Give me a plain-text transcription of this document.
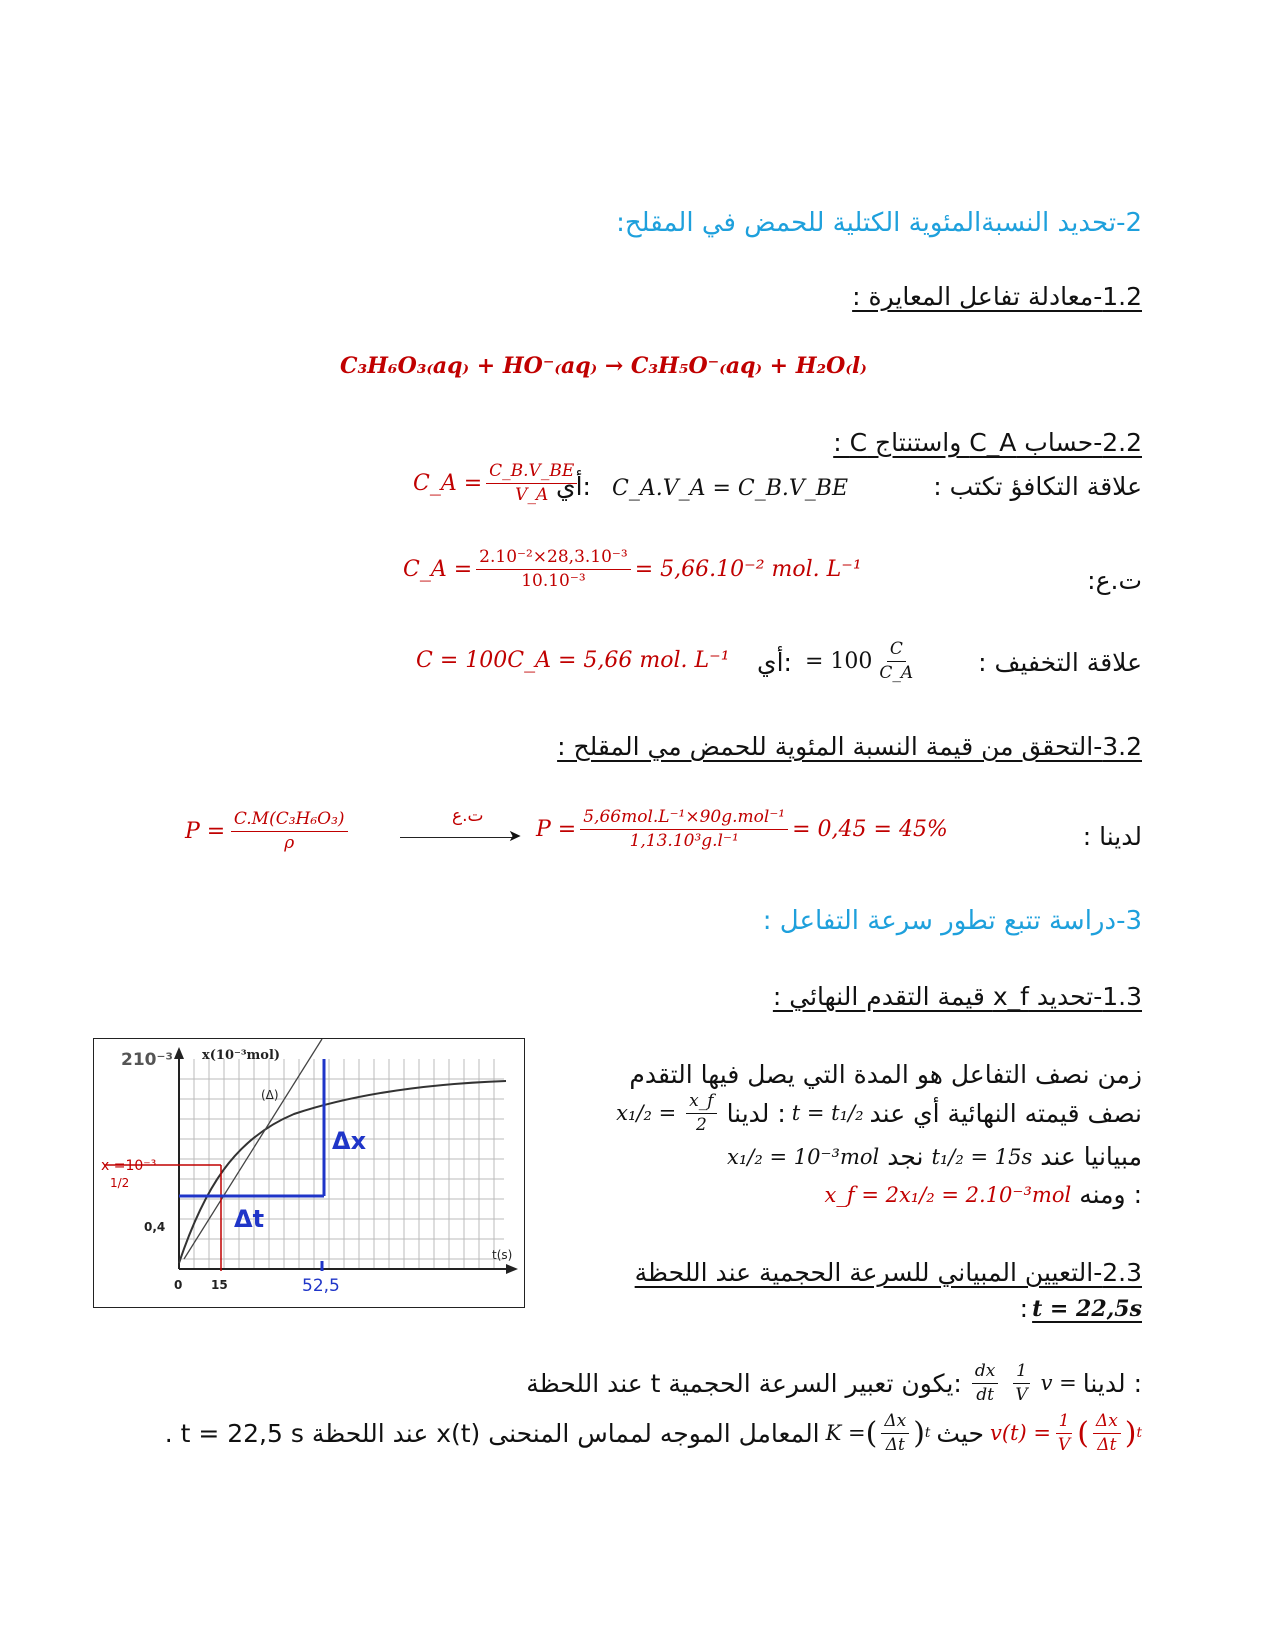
2-تحديد النسبةالمئوية الكتلية للحمض في المقلح:
1.2-معادلة تفاعل المعايرة :
C₃H₆O₃₍aq₎ + HO⁻₍aq₎ → C₃H₅O⁻₍aq₎ + H₂O₍l₎
2.2-حساب C_A واستنتاج C :
علاقة التكافؤ تكتب :
C_A.V_A = C_B.V_BE
أي:
C_A = $\frac{C\_B.V\_BE}{V\_A}$
ت.ع:
C_A = $\frac{\text{2.10⁻²×28,3.10⁻³}}{\text{10.10⁻³}} = 5,66.10^{-2}$ mol. L⁻¹
علاقة التخفيف :
= $100 \frac{C}{C\_A}$
أي:
C = 100C_A = 5,66 mol. L⁻¹
3.2-التحقق من قيمة النسبة المئوية للحمض مي المقلح :
لدينا :
$P = \frac{\text{C.M(C₃H₆O₃)}}{\rho}$	ت.ع
➤ $P = \frac{\text{5,66mol.L⁻¹×90g.mol⁻¹}}{\text{1,13.10³g.l⁻¹}} = 0,45 = 45\%$
3-دراسة تتبع تطور سرعة التفاعل :
1.3-تحديد x_f قيمة التقدم النهائي :
210⁻³ x(10⁻³mol)
(Δ)
x =10⁻³
1/2
0,4
t(s)
0 15	52,5
Δx
Δt
زمن نصف التفاعل هو المدة التي يصل فيها التقدم
نصف قيمته النهائية أي عند
t = t₁/₂
لدينا :
$\frac{x\_f}{2}$
x₁/₂ =
مبيانيا عند
t₁/₂ = 15s
نجد
x₁/₂ = 10⁻³mol
ومنه :
x_f = 2x₁/₂ = 2.10⁻³mol
2.3-التعيين المبياني للسرعة الحجمية عند اللحظة
t = 22,5s
:
لدينا :
v =
$\frac{1}{V}$
$\frac{dx}{dt}$
عند اللحظة t يكون تعبير السرعة الحجمية:
$v(t) = \frac{1}{V}$ ( $\frac{\Delta x}{\Delta t}$ ) t
حيث
K = ( $\frac{\Delta x}{\Delta t}$ ) t
المعامل الموجه لمماس المنحنى x(t) عند اللحظة t = 22,5 s .
